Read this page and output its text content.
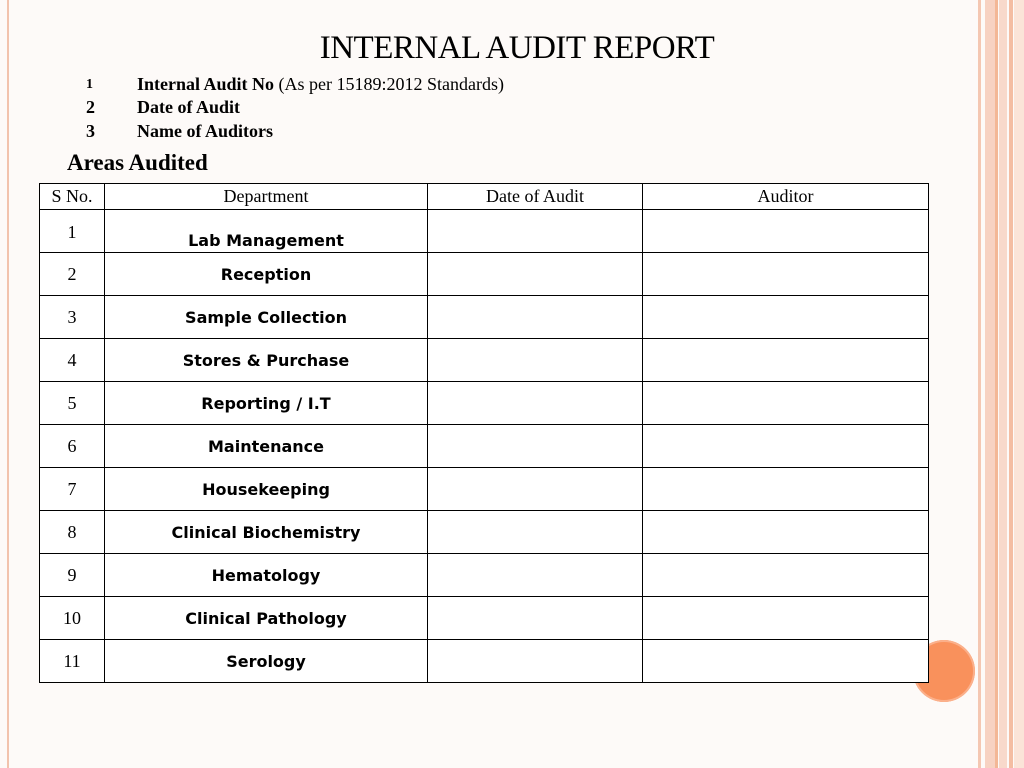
INTERNAL AUDIT REPORT
1 Internal Audit No (As per 15189:2012 Standards)
2 Date of Audit
3 Name of Auditors
Areas Audited
S No.	Department	Date of Audit	Auditor
1	Lab Management		
2	Reception		
3	Sample Collection		
4	Stores & Purchase		
5	Reporting / I.T		
6	Maintenance		
7	Housekeeping		
8	Clinical Biochemistry		
9	Hematology		
10	Clinical Pathology		
11	Serology		
